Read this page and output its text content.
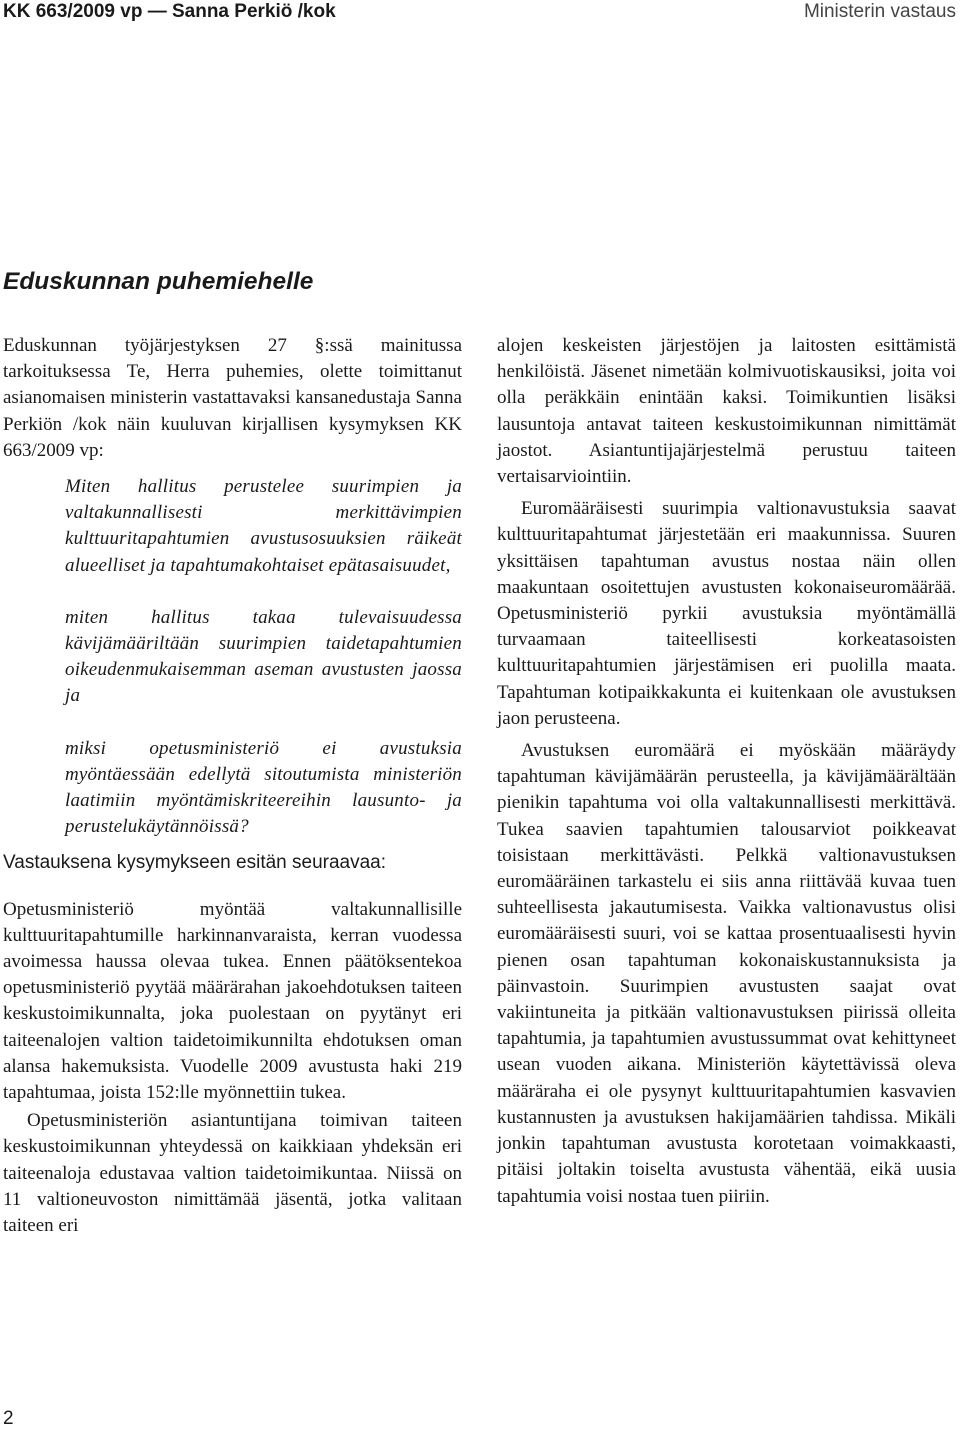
KK 663/2009 vp — Sanna Perkiö /kok	Ministerin vastaus
Eduskunnan puhemiehelle

Eduskunnan työjärjestyksen 27 §:ssä mainitussa tarkoituksessa Te, Herra puhemies, olette toimittanut asianomaisen ministerin vastattavaksi kansanedustaja Sanna Perkiön /kok näin kuuluvan kirjallisen kysymyksen KK 663/2009 vp:

Miten hallitus perustelee suurimpien ja valtakunnallisesti merkittävimpien kulttuuritapahtumien avustusosuuksien räikeät alueelliset ja tapahtumakohtaiset epätasaisuudet,

miten hallitus takaa tulevaisuudessa kävijämääriltään suurimpien taidetapahtumien oikeudenmukaisemman aseman avustusten jaossa ja

miksi opetusministeriö ei avustuksia myöntäessään edellytä sitoutumista ministeriön laatimiin myöntämiskriteereihin lausunto- ja perustelukäytännöissä?

Vastauksena kysymykseen esitän seuraavaa:

Opetusministeriö myöntää valtakunnallisille kulttuuritapahtumille harkinnanvaraista, kerran vuodessa avoimessa haussa olevaa tukea. Ennen päätöksentekoa opetusministeriö pyytää määrärahan jakoehdotuksen taiteen keskustoimikunnalta, joka puolestaan on pyytänyt eri taiteenalojen valtion taidetoimikunnilta ehdotuksen oman alansa hakemuksista. Vuodelle 2009 avustusta haki 219 tapahtumaa, joista 152:lle myönnettiin tukea.

Opetusministeriön asiantuntijana toimivan taiteen keskustoimikunnan yhteydessä on kaikkiaan yhdeksän eri taiteenaloja edustavaa valtion taidetoimikuntaa. Niissä on 11 valtioneuvoston nimittämää jäsentä, jotka valitaan taiteen eri

alojen keskeisten järjestöjen ja laitosten esittämistä henkilöistä. Jäsenet nimetään kolmivuotiskausiksi, joita voi olla peräkkäin enintään kaksi. Toimikuntien lisäksi lausuntoja antavat taiteen keskustoimikunnan nimittämät jaostot. Asiantuntijajärjestelmä perustuu taiteen vertaisarviointiin.

Euromääräisesti suurimpia valtionavustuksia saavat kulttuuritapahtumat järjestetään eri maakunnissa. Suuren yksittäisen tapahtuman avustus nostaa näin ollen maakuntaan osoitettujen avustusten kokonaiseuromäärää. Opetusministeriö pyrkii avustuksia myöntämällä turvaamaan taiteellisesti korkeatasoisten kulttuuritapahtumien järjestämisen eri puolilla maata. Tapahtuman kotipaikkakunta ei kuitenkaan ole avustuksen jaon perusteena.

Avustuksen euromäärä ei myöskään määräydy tapahtuman kävijämäärän perusteella, ja kävijämäärältään pienikin tapahtuma voi olla valtakunnallisesti merkittävä. Tukea saavien tapahtumien talousarviot poikkeavat toisistaan merkittävästi. Pelkkä valtionavustuksen euromääräinen tarkastelu ei siis anna riittävää kuvaa tuen suhteellisesta jakautumisesta. Vaikka valtionavustus olisi euromääräisesti suuri, voi se kattaa prosentuaalisesti hyvin pienen osan tapahtuman kokonaiskustannuksista ja päinvastoin. Suurimpien avustusten saajat ovat vakiintuneita ja pitkään valtionavustuksen piirissä olleita tapahtumia, ja tapahtumien avustussummat ovat kehittyneet usean vuoden aikana. Ministeriön käytettävissä oleva määräraha ei ole pysynyt kulttuuritapahtumien kasvavien kustannusten ja avustuksen hakijamäärien tahdissa. Mikäli jonkin tapahtuman avustusta korotetaan voimakkaasti, pitäisi joltakin toiselta avustusta vähentää, eikä uusia tapahtumia voisi nostaa tuen piiriin.

2
